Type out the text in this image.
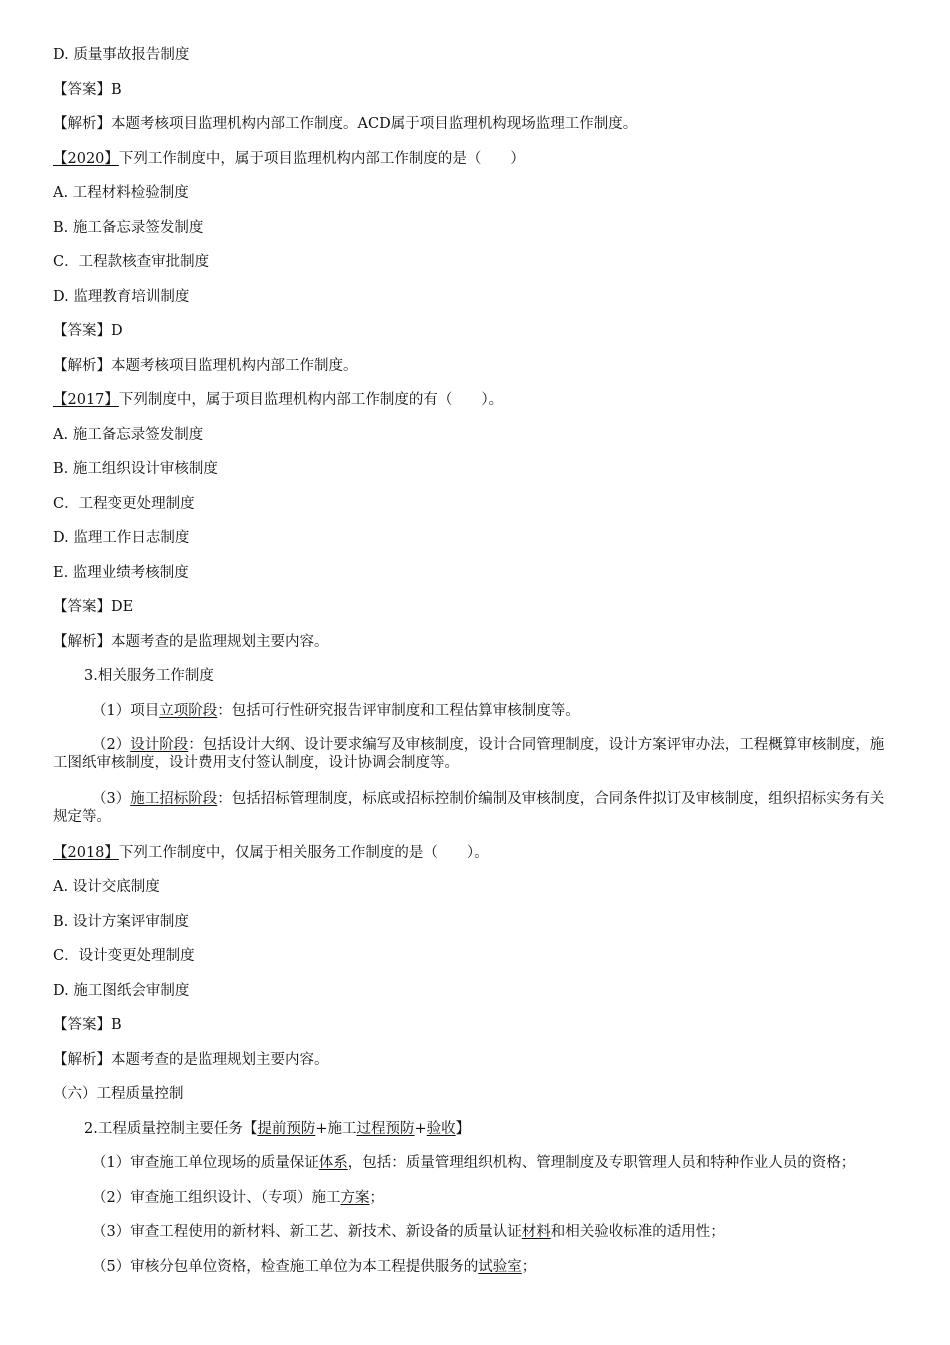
D. 质量事故报告制度
【答案】B
【解析】本题考核项目监理机构内部工作制度。ACD属于项目监理机构现场监理工作制度。
【2020】下列工作制度中，属于项目监理机构内部工作制度的是（　　）
A. 工程材料检验制度
B. 施工备忘录签发制度
C．工程款核查审批制度
D. 监理教育培训制度
【答案】D
【解析】本题考核项目监理机构内部工作制度。
【2017】下列制度中，属于项目监理机构内部工作制度的有（　　）。
A. 施工备忘录签发制度
B. 施工组织设计审核制度
C．工程变更处理制度
D. 监理工作日志制度
E. 监理业绩考核制度
【答案】DE
【解析】本题考查的是监理规划主要内容。
3.相关服务工作制度
（1）项目立项阶段：包括可行性研究报告评审制度和工程估算审核制度等。
（2）设计阶段：包括设计大纲、设计要求编写及审核制度，设计合同管理制度，设计方案评审办法，工程概算审核制度，施工图纸审核制度，设计费用支付签认制度，设计协调会制度等。
（3）施工招标阶段：包括招标管理制度，标底或招标控制价编制及审核制度，合同条件拟订及审核制度，组织招标实务有关规定等。
【2018】下列工作制度中，仅属于相关服务工作制度的是（　　）。
A. 设计交底制度
B. 设计方案评审制度
C．设计变更处理制度
D. 施工图纸会审制度
【答案】B
【解析】本题考查的是监理规划主要内容。
（六）工程质量控制
2.工程质量控制主要任务【提前预防+施工过程预防+验收】
（1）审查施工单位现场的质量保证体系，包括：质量管理组织机构、管理制度及专职管理人员和特种作业人员的资格；
（2）审查施工组织设计、（专项）施工方案；
（3）审查工程使用的新材料、新工艺、新技术、新设备的质量认证材料和相关验收标准的适用性；
（5）审核分包单位资格，检查施工单位为本工程提供服务的试验室；
